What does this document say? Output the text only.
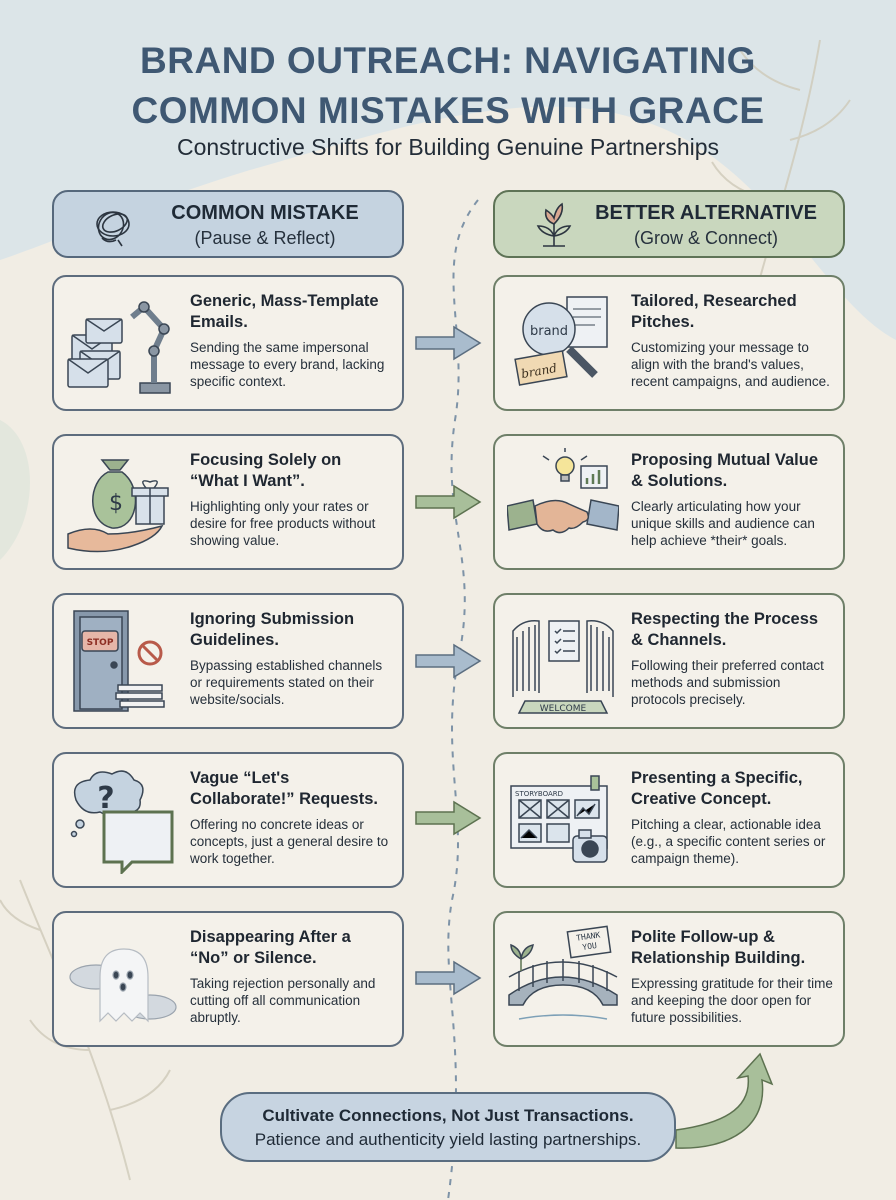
BRAND OUTREACH: NAVIGATING
COMMON MISTAKES WITH GRACE
Constructive Shifts for Building Genuine Partnerships
COMMON MISTAKE
(Pause & Reflect)
BETTER ALTERNATIVE
(Grow & Connect)
Generic, Mass-Template Emails.
Sending the same impersonal message to every brand, lacking specific context.
brand
brand
Tailored, Researched Pitches.
Customizing your message to align with the brand's values, recent campaigns, and audience.
$
Focusing Solely on “What I Want”.
Highlighting only your rates or desire for free products without showing value.
Proposing Mutual Value & Solutions.
Clearly articulating how your unique skills and audience can help achieve *their* goals.
STOP
Ignoring Submission Guidelines.
Bypassing established channels or requirements stated on their website/socials.
WELCOME
Respecting the Process & Channels.
Following their preferred contact methods and submission protocols precisely.
?
Vague “Let's Collaborate!” Requests.
Offering no concrete ideas or concepts, just a general desire to work together.
STORYBOARD
Presenting a Specific, Creative Concept.
Pitching a clear, actionable idea (e.g., a specific content series or campaign theme).
Disappearing After a “No” or Silence.
Taking rejection personally and cutting off all communication abruptly.
THANK
YOU
Polite Follow-up & Relationship Building.
Expressing gratitude for their time and keeping the door open for future possibilities.
Cultivate Connections, Not Just Transactions.
Patience and authenticity yield lasting partnerships.
